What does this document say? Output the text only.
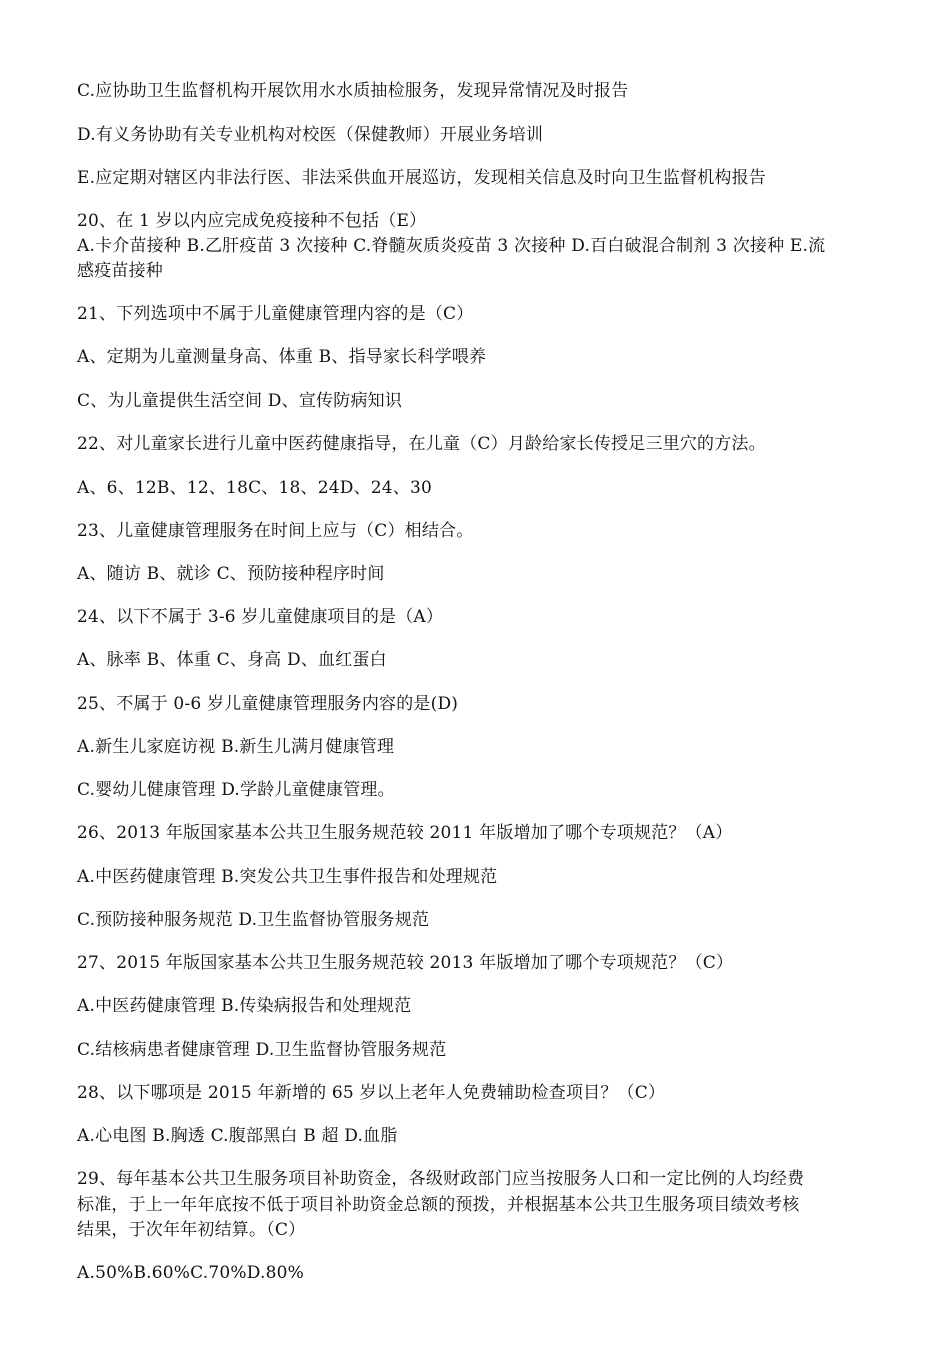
C.应协助卫生监督机构开展饮用水水质抽检服务，发现异常情况及时报告
D.有义务协助有关专业机构对校医（保健教师）开展业务培训
E.应定期对辖区内非法行医、非法采供血开展巡访，发现相关信息及时向卫生监督机构报告
20、在 1 岁以内应完成免疫接种不包括（E）
A.卡介苗接种 B.乙肝疫苗 3 次接种 C.脊髓灰质炎疫苗 3 次接种 D.百白破混合制剂 3 次接种 E.流
感疫苗接种
21、下列选项中不属于儿童健康管理内容的是（C）
A、定期为儿童测量身高、体重 B、指导家长科学喂养
C、为儿童提供生活空间 D、宣传防病知识
22、对儿童家长进行儿童中医药健康指导，在儿童（C）月龄给家长传授足三里穴的方法。
A、6、12B、12、18C、18、24D、24、30
23、儿童健康管理服务在时间上应与（C）相结合。
A、随访 B、就诊 C、预防接种程序时间
24、以下不属于 3-6 岁儿童健康项目的是（A）
A、脉率 B、体重 C、身高 D、血红蛋白
25、不属于 0-6 岁儿童健康管理服务内容的是(D)
A.新生儿家庭访视 B.新生儿满月健康管理
C.婴幼儿健康管理 D.学龄儿童健康管理。
26、2013 年版国家基本公共卫生服务规范较 2011 年版增加了哪个专项规范？（A）
A.中医药健康管理 B.突发公共卫生事件报告和处理规范
C.预防接种服务规范 D.卫生监督协管服务规范
27、2015 年版国家基本公共卫生服务规范较 2013 年版增加了哪个专项规范？（C）
A.中医药健康管理 B.传染病报告和处理规范
C.结核病患者健康管理 D.卫生监督协管服务规范
28、以下哪项是 2015 年新增的 65 岁以上老年人免费辅助检查项目？（C）
A.心电图 B.胸透 C.腹部黑白 B 超 D.血脂
29、每年基本公共卫生服务项目补助资金，各级财政部门应当按服务人口和一定比例的人均经费
标准，于上一年年底按不低于项目补助资金总额的预拨，并根据基本公共卫生服务项目绩效考核
结果，于次年年初结算。（C）
A.50%B.60%C.70%D.80%
